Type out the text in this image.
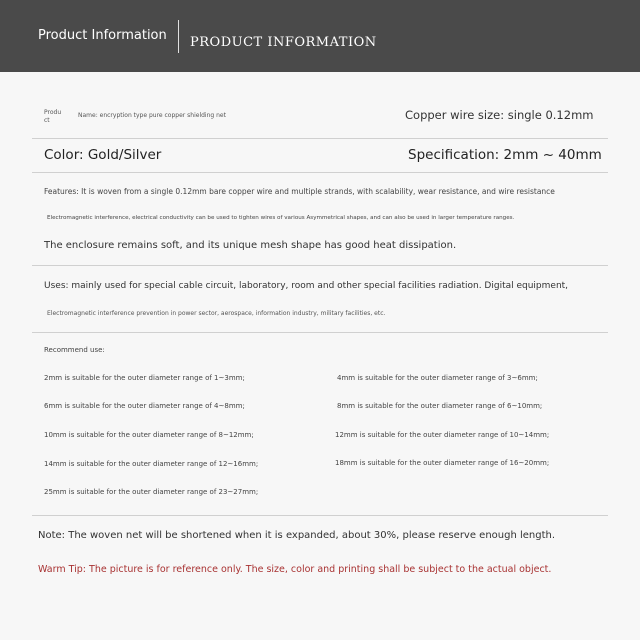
Product Information PRODUCT INFORMATION
Produ
ct
Name: encryption type pure copper shielding net	Copper wire size: single 0.12mm
Color: Gold/Silver	Specification: 2mm ~ 40mm
Features: It is woven from a single 0.12mm bare copper wire and multiple strands, with scalability, wear resistance, and wire resistance
Electromagnetic interference, electrical conductivity can be used to tighten wires of various Asymmetrical shapes, and can also be used in larger temperature ranges.
The enclosure remains soft, and its unique mesh shape has good heat dissipation.
Uses: mainly used for special cable circuit, laboratory, room and other special facilities radiation. Digital equipment,
Electromagnetic interference prevention in power sector, aerospace, information industry, military facilities, etc.
Recommend use:
2mm is suitable for the outer diameter range of 1~3mm;
6mm is suitable for the outer diameter range of 4~8mm;
10mm is suitable for the outer diameter range of 8~12mm;
14mm is suitable for the outer diameter range of 12~16mm;
25mm is suitable for the outer diameter range of 23~27mm;
4mm is suitable for the outer diameter range of 3~6mm;
8mm is suitable for the outer diameter range of 6~10mm;
12mm is suitable for the outer diameter range of 10~14mm;
18mm is suitable for the outer diameter range of 16~20mm;
Note: The woven net will be shortened when it is expanded, about 30%, please reserve enough length.
Warm Tip: The picture is for reference only. The size, color and printing shall be subject to the actual object.
